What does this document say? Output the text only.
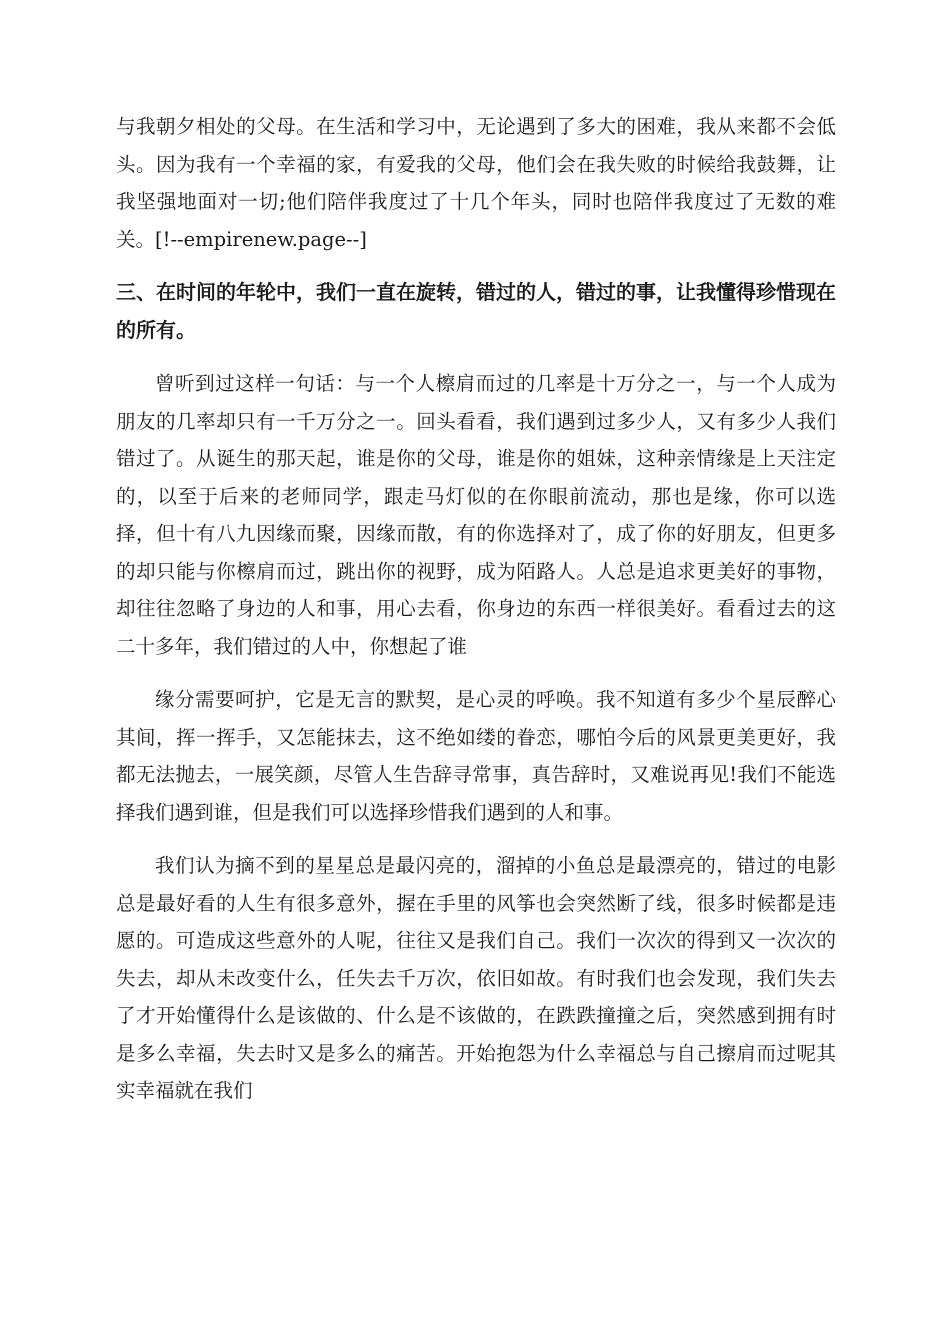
与我朝夕相处的父母。在生活和学习中，无论遇到了多大的困难，我从来都不会低头。因为我有一个幸福的家，有爱我的父母，他们会在我失败的时候给我鼓舞，让我坚强地面对一切;他们陪伴我度过了十几个年头，同时也陪伴我度过了无数的难关。[!--empirenew.page--]

三、在时间的年轮中，我们一直在旋转，错过的人，错过的事，让我懂得珍惜现在的所有。

曾听到过这样一句话：与一个人檫肩而过的几率是十万分之一，与一个人成为朋友的几率却只有一千万分之一。回头看看，我们遇到过多少人，又有多少人我们错过了。从诞生的那天起，谁是你的父母，谁是你的姐妹，这种亲情缘是上天注定的，以至于后来的老师同学，跟走马灯似的在你眼前流动，那也是缘，你可以选择，但十有八九因缘而聚，因缘而散，有的你选择对了，成了你的好朋友，但更多的却只能与你檫肩而过，跳出你的视野，成为陌路人。人总是追求更美好的事物，却往往忽略了身边的人和事，用心去看，你身边的东西一样很美好。看看过去的这二十多年，我们错过的人中，你想起了谁

缘分需要呵护，它是无言的默契，是心灵的呼唤。我不知道有多少个星辰醉心其间，挥一挥手，又怎能抹去，这不绝如缕的眷恋，哪怕今后的风景更美更好，我都无法抛去，一展笑颜，尽管人生告辞寻常事，真告辞时，又难说再见!我们不能选择我们遇到谁，但是我们可以选择珍惜我们遇到的人和事。

我们认为摘不到的星星总是最闪亮的，溜掉的小鱼总是最漂亮的，错过的电影总是最好看的人生有很多意外，握在手里的风筝也会突然断了线，很多时候都是违愿的。可造成这些意外的人呢，往往又是我们自己。我们一次次的得到又一次次的失去，却从未改变什么，任失去千万次，依旧如故。有时我们也会发现，我们失去了才开始懂得什么是该做的、什么是不该做的，在跌跌撞撞之后，突然感到拥有时是多么幸福，失去时又是多么的痛苦。开始抱怨为什么幸福总与自己擦肩而过呢其实幸福就在我们
